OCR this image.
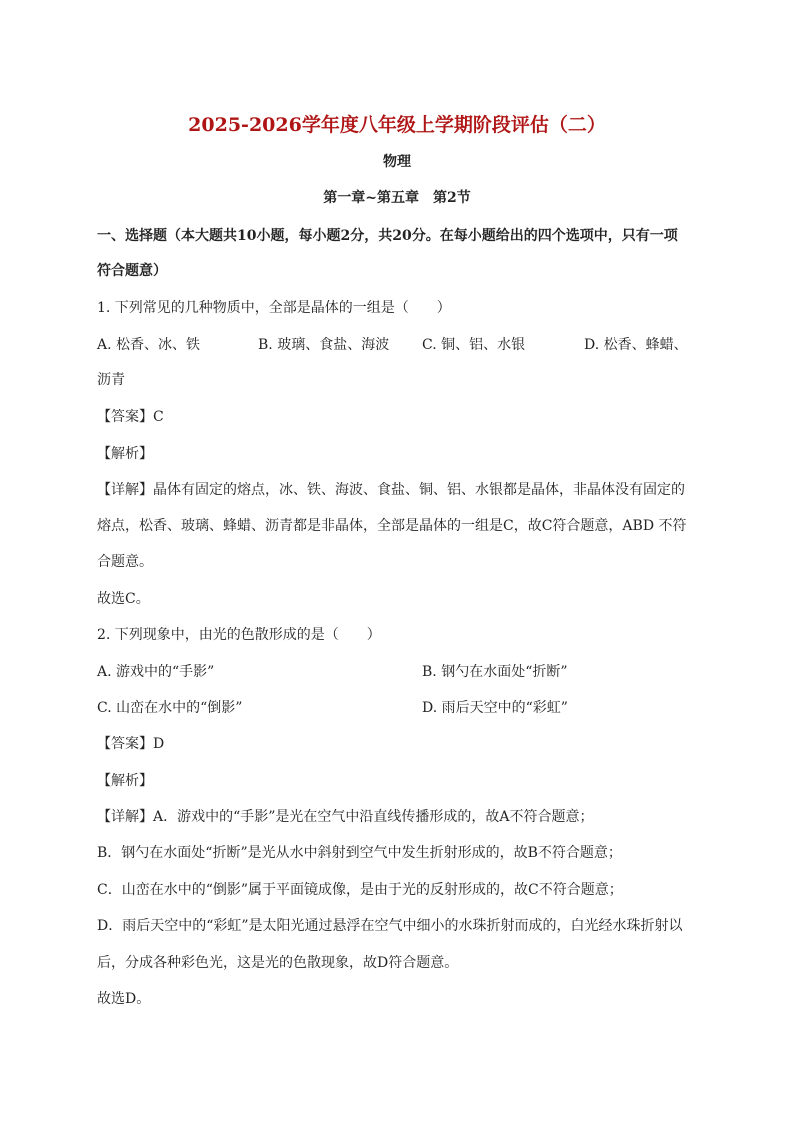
2025-2026学年度八年级上学期阶段评估（二）
物理
第一章~第五章　第2节
一、选择题（本大题共10小题，每小题2分，共20分。在每小题给出的四个选项中，只有一项
符合题意）
1. 下列常见的几种物质中，全部是晶体的一组是（　　）
A. 松香、冰、铁	B. 玻璃、食盐、海波 C. 铜、铝、水银	D. 松香、蜂蜡、
沥青
【答案】C
【解析】
【详解】晶体有固定的熔点，冰、铁、海波、食盐、铜、铝、水银都是晶体，非晶体没有固定的
熔点，松香、玻璃、蜂蜡、沥青都是非晶体，全部是晶体的一组是C，故C符合题意，ABD 不符
合题意。
故选C。
2. 下列现象中，由光的色散形成的是（　　）
A. 游戏中的“手影”	B. 钢勺在水面处“折断”
C. 山峦在水中的“倒影”	D. 雨后天空中的“彩虹”
【答案】D
【解析】
【详解】A．游戏中的“手影”是光在空气中沿直线传播形成的，故A不符合题意；
B．钢勺在水面处“折断”是光从水中斜射到空气中发生折射形成的，故B不符合题意；
C．山峦在水中的“倒影”属于平面镜成像，是由于光的反射形成的，故C不符合题意；
D．雨后天空中的“彩虹”是太阳光通过悬浮在空气中细小的水珠折射而成的，白光经水珠折射以
后，分成各种彩色光，这是光的色散现象，故D符合题意。
故选D。
